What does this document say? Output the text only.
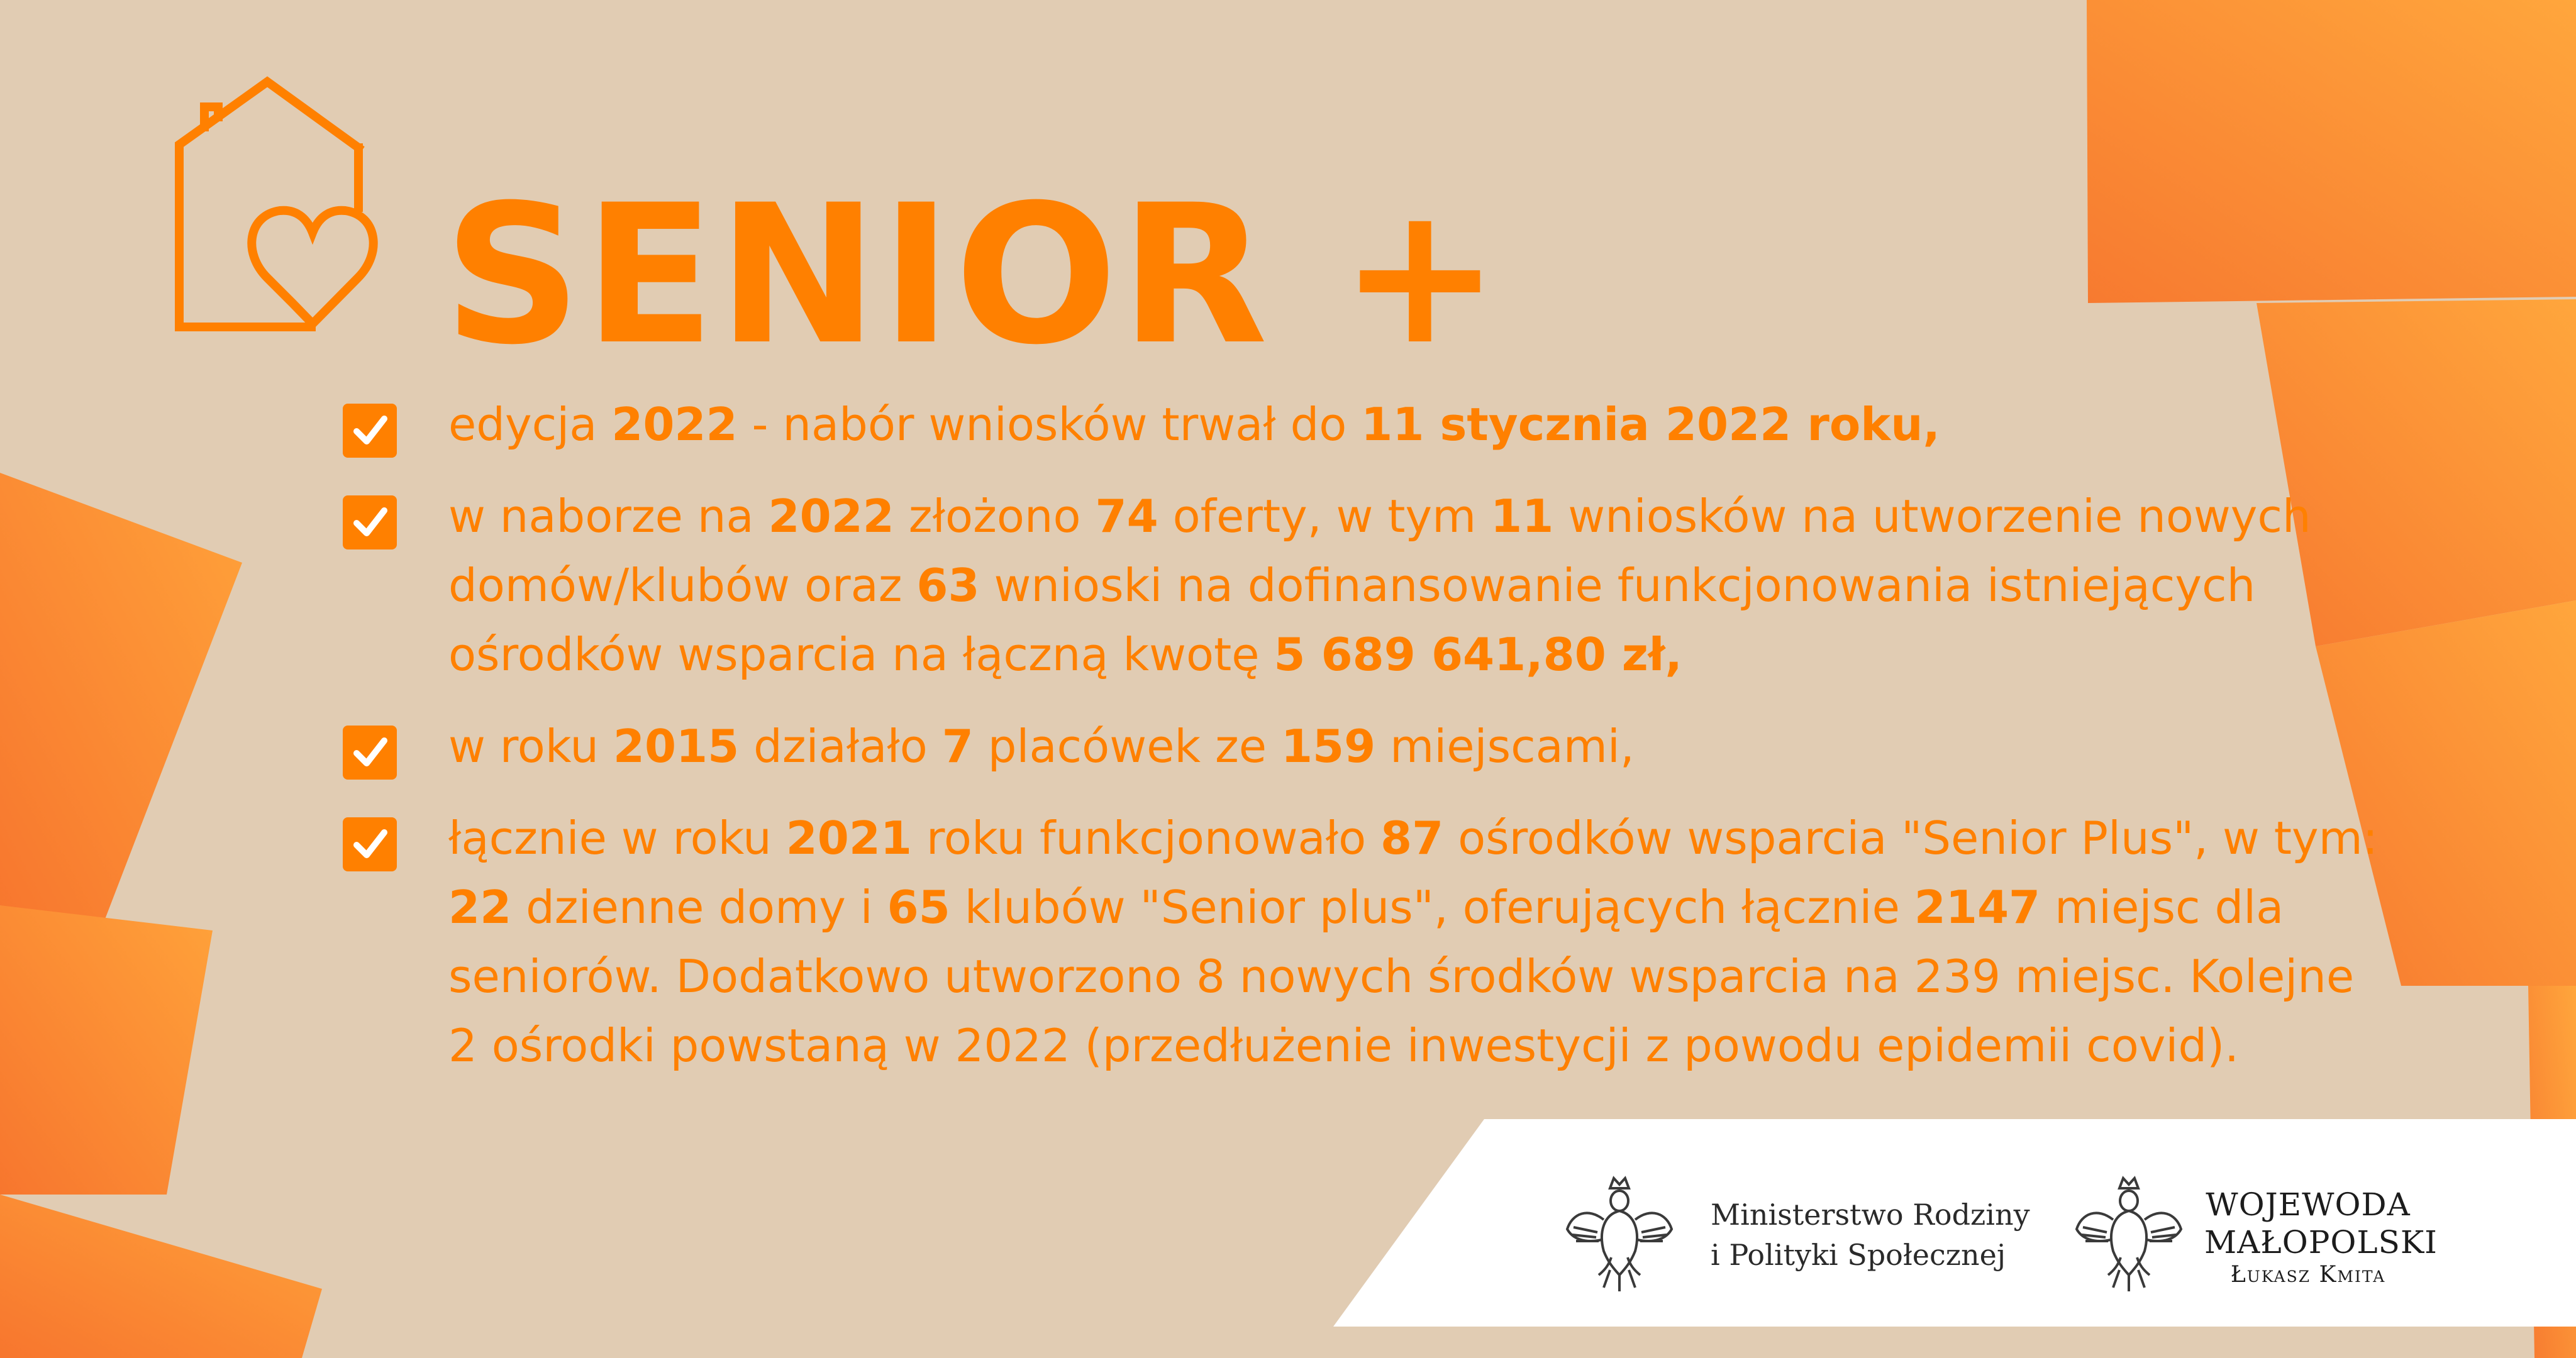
SENIOR +
edycja 2022 - nabór wniosków trwał do 11 stycznia 2022 roku,
w naborze na 2022 złożono 74 oferty, w tym 11 wniosków na utworzenie nowych domów/klubów oraz 63 wnioski na dofinansowanie funkcjonowania istniejących ośrodków wsparcia na łączną kwotę 5 689 641,80 zł,
w roku 2015 działało 7 placówek ze 159 miejscami,
łącznie w roku 2021 roku funkcjonowało 87 ośrodków wsparcia "Senior Plus", w tym: 22 dzienne domy i 65 klubów "Senior plus", oferujących łącznie 2147 miejsc dla seniorów. Dodatkowo utworzono 8 nowych środków wsparcia na 239 miejsc. Kolejne 2 ośrodki powstaną w 2022 (przedłużenie inwestycji z powodu epidemii covid).
Ministerstwo Rodziny
i Polityki Społecznej
WOJEWODA
MAŁOPOLSKI
Łukasz Kmita
